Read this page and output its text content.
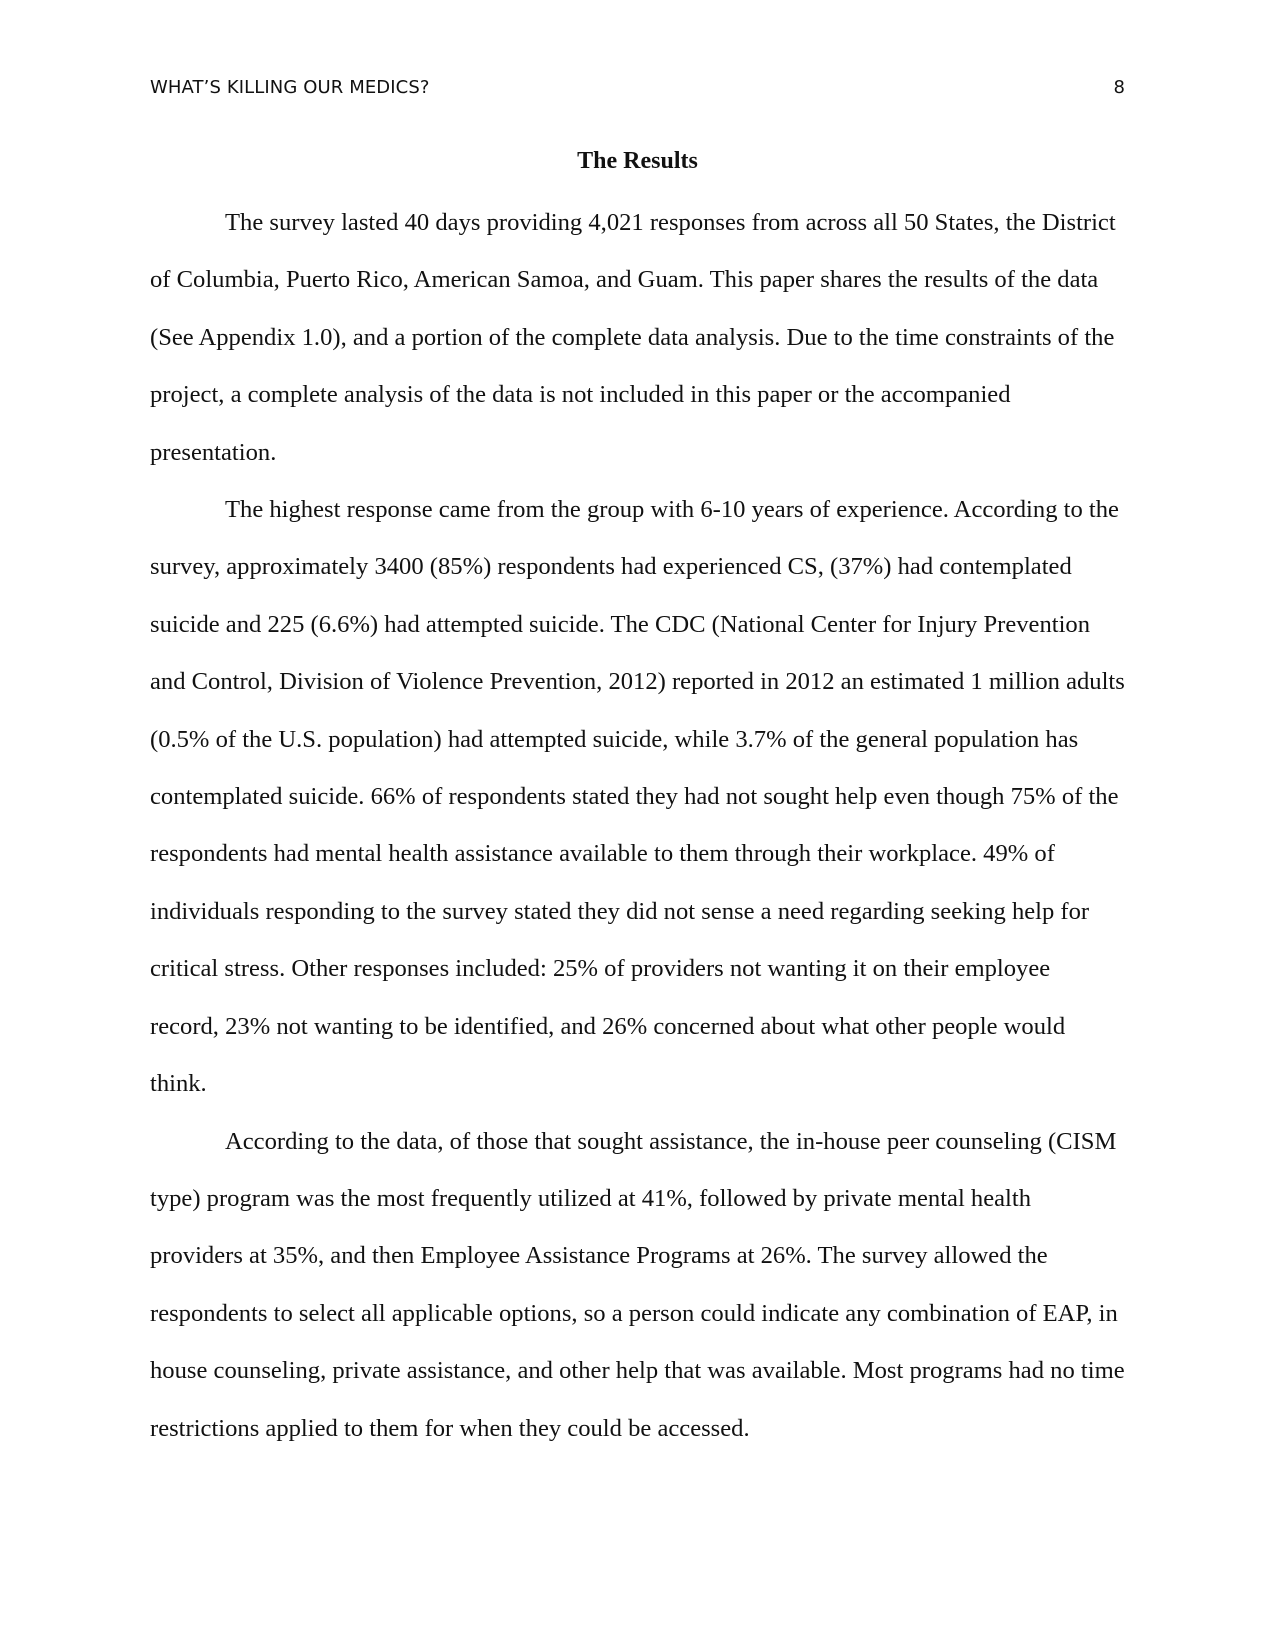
WHAT’S KILLING OUR MEDICS?	8
The Results

The survey lasted 40 days providing 4,021 responses from across all 50 States, the District of Columbia, Puerto Rico, American Samoa, and Guam. This paper shares the results of the data (See Appendix 1.0), and a portion of the complete data analysis. Due to the time constraints of the project, a complete analysis of the data is not included in this paper or the accompanied presentation.

The highest response came from the group with 6-10 years of experience. According to the survey, approximately 3400 (85%) respondents had experienced CS, (37%) had contemplated suicide and 225 (6.6%) had attempted suicide. The CDC (National Center for Injury Prevention and Control, Division of Violence Prevention, 2012) reported in 2012 an estimated 1 million adults (0.5% of the U.S. population) had attempted suicide, while 3.7% of the general population has contemplated suicide. 66% of respondents stated they had not sought help even though 75% of the respondents had mental health assistance available to them through their workplace. 49% of individuals responding to the survey stated they did not sense a need regarding seeking help for critical stress. Other responses included: 25% of providers not wanting it on their employee record, 23% not wanting to be identified, and 26% concerned about what other people would think.

According to the data, of those that sought assistance, the in-house peer counseling (CISM type) program was the most frequently utilized at 41%, followed by private mental health providers at 35%, and then Employee Assistance Programs at 26%. The survey allowed the respondents to select all applicable options, so a person could indicate any combination of EAP, in house counseling, private assistance, and other help that was available. Most programs had no time restrictions applied to them for when they could be accessed.
